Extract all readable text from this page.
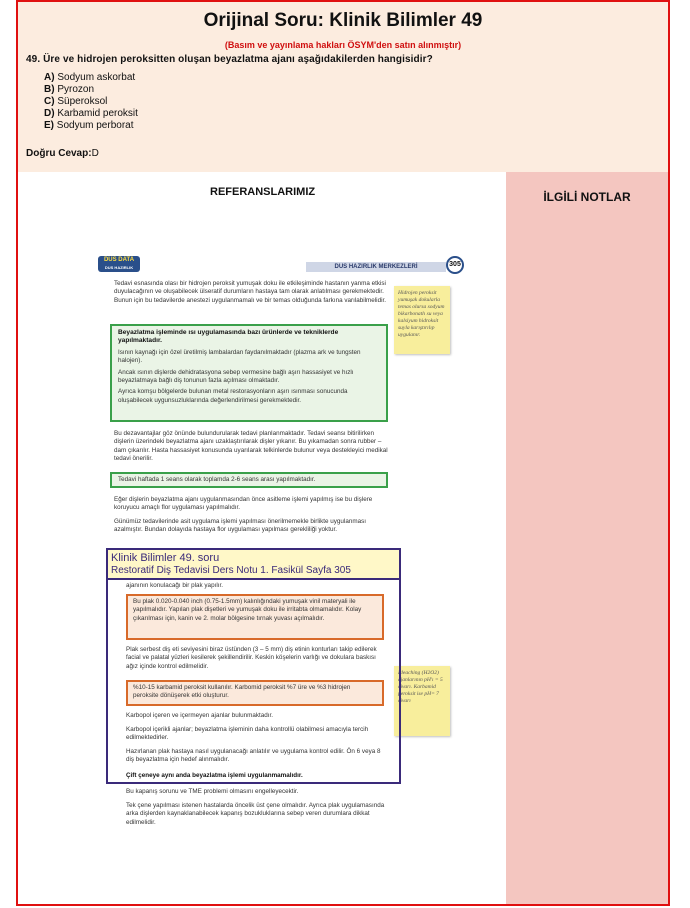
Orijinal Soru: Klinik Bilimler 49
(Basım ve yayınlama hakları ÖSYM'den satın alınmıştır)
49. Üre ve hidrojen peroksitten oluşan beyazlatma ajanı aşağıdakilerden hangisidir?
A) Sodyum askorbat
B) Pyrozon
C) Süperoksol
D) Karbamid peroksit
E) Sodyum perborat
Doğru Cevap:D
REFERANSLARIMIZ	İLGİLİ NOTLAR
DUS DATA
DUS HAZIRLIK MERKEZLERİ
DUS HAZIRLIK MERKEZLERİ	305
Tedavi esnasında olası bir hidrojen peroksit yumuşak doku ile etkileşiminde hastanın yanma etkisi duyulacağının ve oluşabilecek ülseratif durumların hastaya tam olarak anlatılması gerekmektedir. Bunun için bu tedavilerde anestezi uygulanmamalı ve bir temas olduğunda farkına varılabilmelidir.
Hidrojen peroksit yumuşak dokularla temas olursa sodyum bikarbonatlı su veya kalsiyum hidroksit suyla karıştırılıp uygulanır.
Beyazlatma işleminde ısı uygulamasında bazı ürünlerde ve tekniklerde yapılmaktadır.
Isının kaynağı için özel üretilmiş lambalardan faydanılmaktadır (plazma ark ve tungsten halojen).
Ancak ısının dişlerde dehidratasyona sebep vermesine bağlı aşırı hassasiyet ve hızlı beyazlatmaya bağlı diş tonunun fazla açılması olmaktadır.
Ayrıca komşu bölgelerde bulunan metal restorasyonların aşırı ısınması sonucunda oluşabilecek uygunsuzluklarında değerlendirilmesi gerekmektedir.
Bu dezavantajlar göz önünde bulundurularak tedavi planlanmaktadır. Tedavi seansı bitirilirken dişlerin üzerindeki beyazlatma ajanı uzaklaştırılarak dişler yıkanır. Bu yıkamadan sonra rubber – dam çıkarılır. Hasta hassasiyet konusunda uyarılarak telkinlerde bulunur veya destekleyici medikal tedavi önerilir.
Tedavi haftada 1 seans olarak toplamda 2-6 seans arası yapılmaktadır.
Eğer dişlerin beyazlatma ajanı uygulanmasından önce asitleme işlemi yapılmış ise bu dişlere koruyucu amaçlı flor uygulaması yapılmalıdır.
Günümüz tedavilerinde asit uygulama işlemi yapılması önerilmemekle birlikte uygulanması azalmıştır. Bundan dolayıda hastaya flor uygulaması yapılması gerekliliği yoktur.
ajanının konulacağı bir plak yapılır.
Bu plak 0.020-0.040 inch (0.75-1.5mm) kalınlığındaki yumuşak vinil materyali ile yapılmalıdır. Yapılan plak dişetleri ve yumuşak doku ile irritabta olmamalıdır. Kolay çıkarılması için, kanin ve 2. molar bölgesine tırnak yuvası açılmalıdır.
Plak serbest diş eti seviyesini biraz üstünden (3 – 5 mm) diş etinin konturları takip edilerek facial ve palatal yüzleri kesilerek şekillendirilir. Keskin köşelerin varlığı ve dokulara baskısı ağız içinde kontrol edilmelidir.
%10-15 karbamid peroksit kullanılır. Karbomid peroksit %7 üre ve %3 hidrojen peroksite dönüşerek etki oluşturur.
Bleaching (H2O2) ajanlarının pH'ı = 5 civarı. Karbamid peroksit ise pH= 7 civarı
Karbopol içeren ve içermeyen ajanlar bulunmaktadır.
Karbopol içerikli ajanlar; beyazlatma işleminin daha kontrollü olabilmesi amacıyla tercih edilmektedirler.
Hazırlanan plak hastaya nasıl uygulanacağı anlatılır ve uygulama kontrol edilir. Ön 6 veya 8 diş beyazlatma için hedef alınmalıdır.
Çift çeneye aynı anda beyazlatma işlemi uygulanmamalıdır.
Bu kapanış sorunu ve TME problemi olmasını engelleyecektir.
Tek çene yapılması istenen hastalarda öncelik üst çene olmalıdır. Ayrıca plak uygulamasında arka dişlerden kaynaklanabilecek kapanış bozukluklarına sebep veren durumlara dikkat edilmelidir.
Klinik Bilimler 49. soru
Restoratif Diş Tedavisi Ders Notu 1. Fasikül Sayfa 305
